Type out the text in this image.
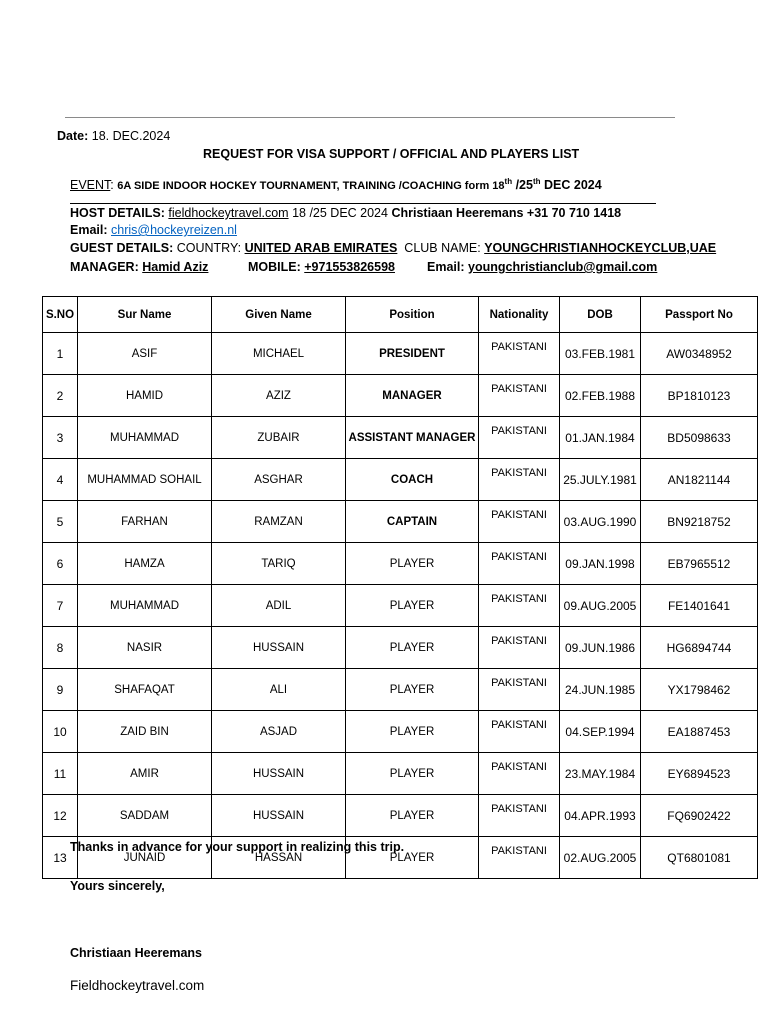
Date: 18. DEC.2024
REQUEST FOR VISA SUPPORT / OFFICIAL AND PLAYERS LIST
EVENT: 6A SIDE INDOOR HOCKEY TOURNAMENT, TRAINING /COACHING form 18th /25th DEC 2024
HOST DETAILS: fieldhockeytravel.com 18 /25 DEC 2024 Christiaan Heeremans +31 70 710 1418
Email: chris@hockeyreizen.nl
GUEST DETAILS: COUNTRY: UNITED ARAB EMIRATES CLUB NAME: YOUNGCHRISTIANHOCKEYCLUB,UAE
MANAGER: Hamid Aziz	MOBILE: +971553826598	Email: youngchristianclub@gmail.com
S.NO	Sur Name	Given Name	Position	Nationality	DOB	Passport No
1	ASIF	MICHAEL	PRESIDENT	PAKISTANI	03.FEB.1981	AW0348952
2	HAMID	AZIZ	MANAGER	PAKISTANI	02.FEB.1988	BP1810123
3	MUHAMMAD	ZUBAIR	ASSISTANT MANAGER	PAKISTANI	01.JAN.1984	BD5098633
4	MUHAMMAD SOHAIL	ASGHAR	COACH	PAKISTANI	25.JULY.1981	AN1821144
5	FARHAN	RAMZAN	CAPTAIN	PAKISTANI	03.AUG.1990	BN9218752
6	HAMZA	TARIQ	PLAYER	PAKISTANI	09.JAN.1998	EB7965512
7	MUHAMMAD	ADIL	PLAYER	PAKISTANI	09.AUG.2005	FE1401641
8	NASIR	HUSSAIN	PLAYER	PAKISTANI	09.JUN.1986	HG6894744
9	SHAFAQAT	ALI	PLAYER	PAKISTANI	24.JUN.1985	YX1798462
10	ZAID BIN	ASJAD	PLAYER	PAKISTANI	04.SEP.1994	EA1887453
11	AMIR	HUSSAIN	PLAYER	PAKISTANI	23.MAY.1984	EY6894523
12	SADDAM	HUSSAIN	PLAYER	PAKISTANI	04.APR.1993	FQ6902422
13	JUNAID	HASSAN	PLAYER	PAKISTANI	02.AUG.2005	QT6801081
Thanks in advance for your support in realizing this trip.
Yours sincerely,
Christiaan Heeremans
Fieldhockeytravel.com
